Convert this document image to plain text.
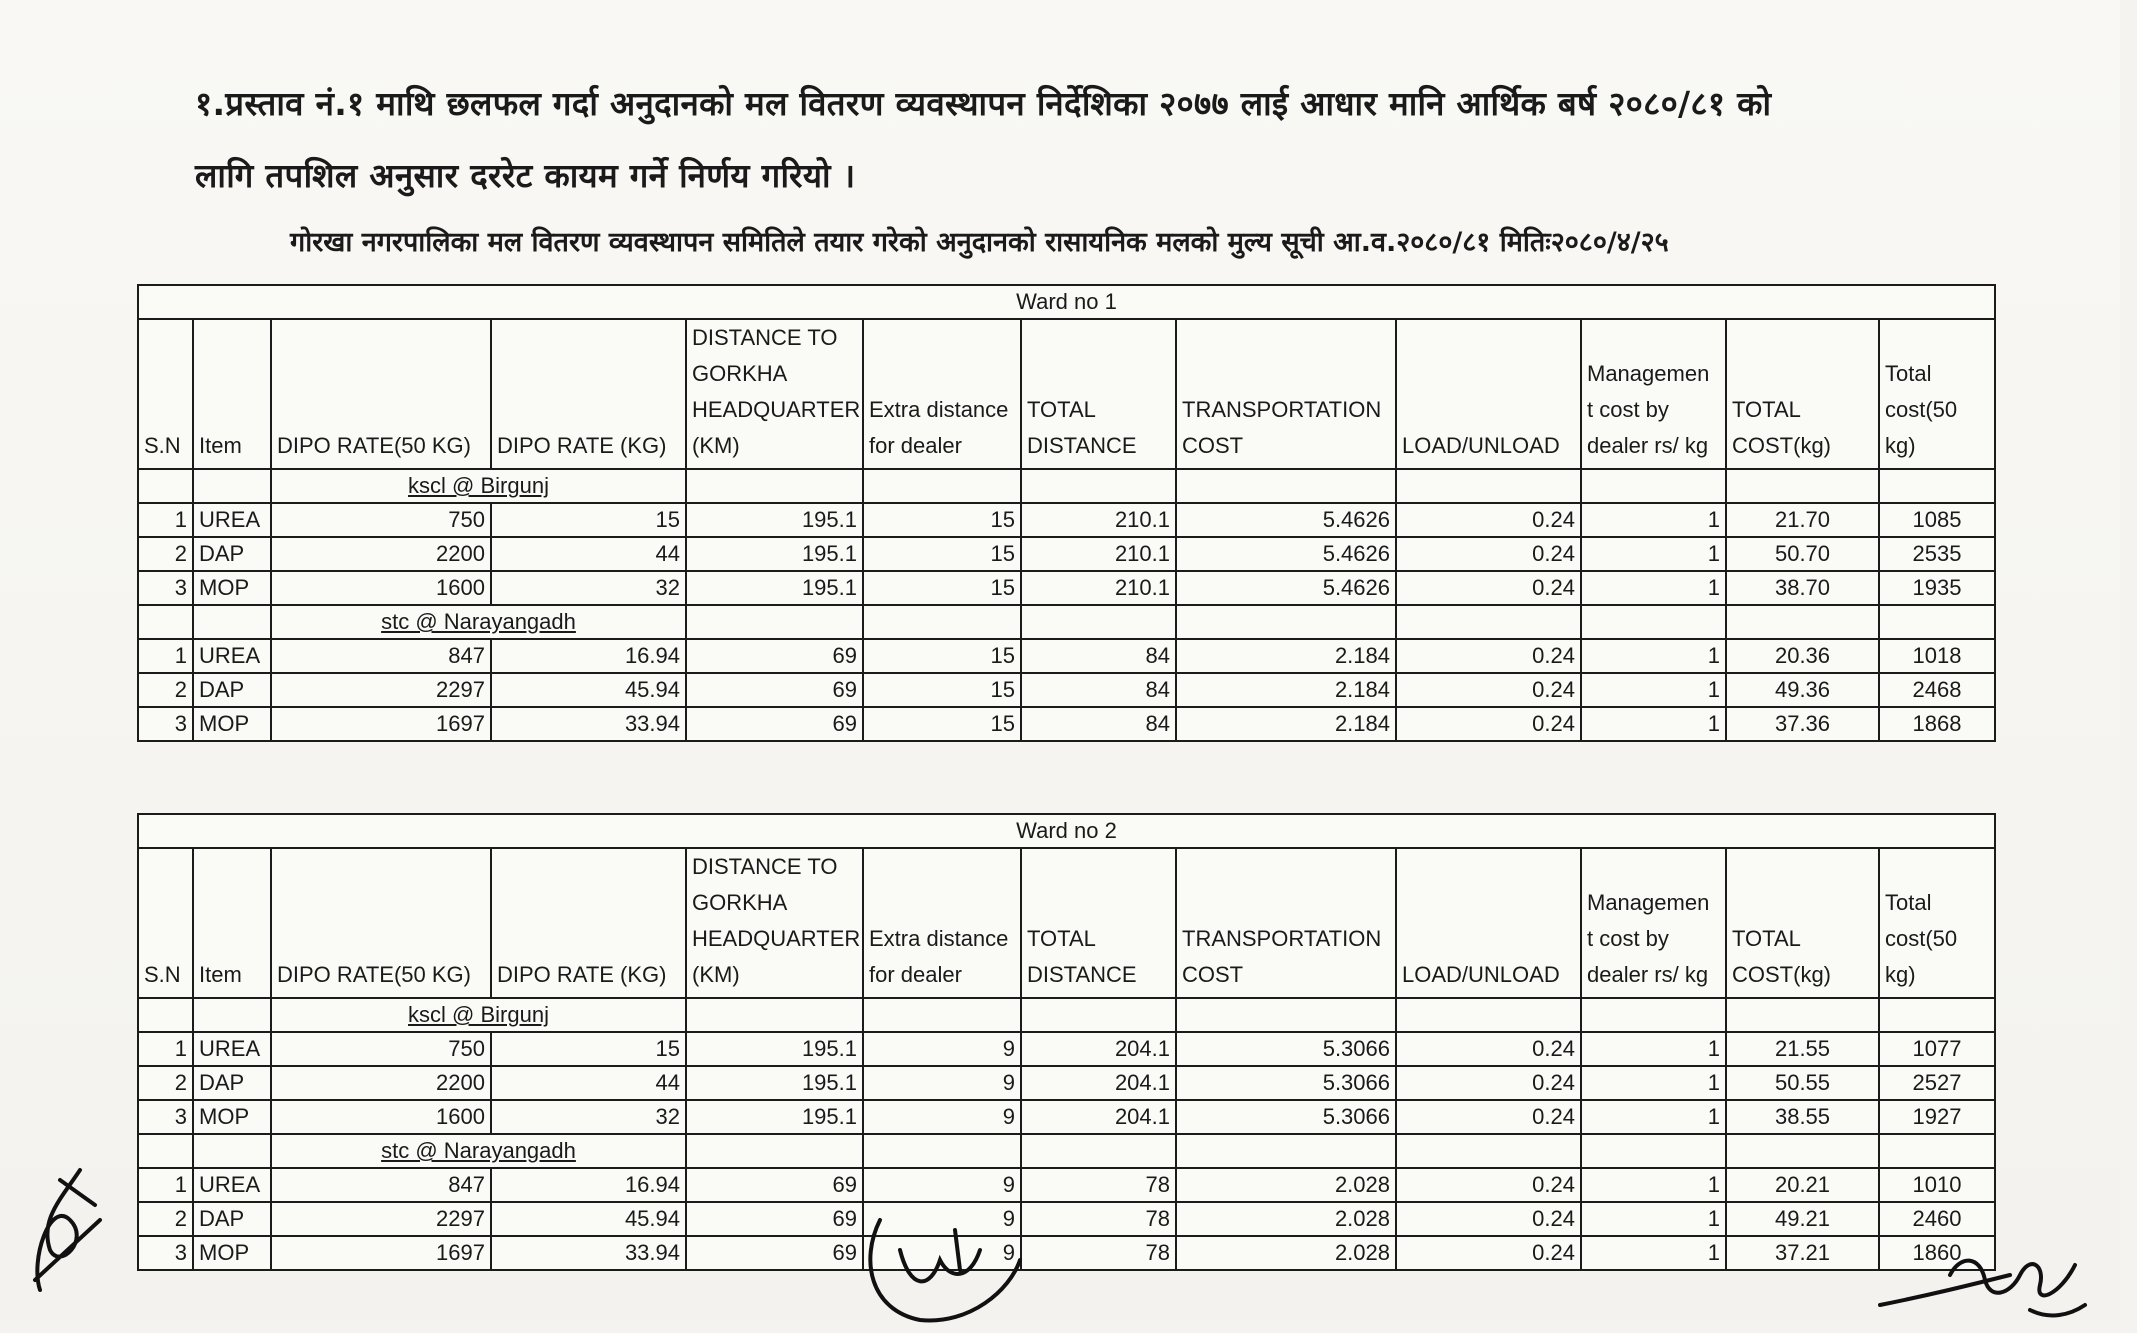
१.प्रस्ताव नं.१ माथि छलफल गर्दा अनुदानको मल वितरण व्यवस्थापन निर्देशिका २०७७ लाई आधार मानि आर्थिक बर्ष २०८०/८१ को
लागि तपशिल अनुसार दररेट कायम गर्ने निर्णय गरियो ।
गोरखा नगरपालिका मल वितरण व्यवस्थापन समितिले तयार गरेको अनुदानको रासायनिक मलको मुल्य सूची आ.व.२०८०/८१ मितिः२०८०/४/२५
Ward no 1											
S.N	Item	DIPO RATE(50 KG)	DIPO RATE (KG)	DISTANCE TO GORKHA HEADQUARTER (KM)	Extra distance for dealer	TOTAL DISTANCE	TRANSPORTATION COST	LOAD/UNLOAD	Managemen t cost by dealer rs/ kg	TOTAL COST(kg)	Total cost(50 kg)
		kscl @ Birgunj									
1	UREA	750	15	195.1	15	210.1	5.4626	0.24	1	21.70	1085
2	DAP	2200	44	195.1	15	210.1	5.4626	0.24	1	50.70	2535
3	MOP	1600	32	195.1	15	210.1	5.4626	0.24	1	38.70	1935
		stc @ Narayangadh									
1	UREA	847	16.94	69	15	84	2.184	0.24	1	20.36	1018
2	DAP	2297	45.94	69	15	84	2.184	0.24	1	49.36	2468
3	MOP	1697	33.94	69	15	84	2.184	0.24	1	37.36	1868
Ward no 2											
S.N	Item	DIPO RATE(50 KG)	DIPO RATE (KG)	DISTANCE TO GORKHA HEADQUARTER (KM)	Extra distance for dealer	TOTAL DISTANCE	TRANSPORTATION COST	LOAD/UNLOAD	Managemen t cost by dealer rs/ kg	TOTAL COST(kg)	Total cost(50 kg)
		kscl @ Birgunj									
1	UREA	750	15	195.1	9	204.1	5.3066	0.24	1	21.55	1077
2	DAP	2200	44	195.1	9	204.1	5.3066	0.24	1	50.55	2527
3	MOP	1600	32	195.1	9	204.1	5.3066	0.24	1	38.55	1927
		stc @ Narayangadh									
1	UREA	847	16.94	69	9	78	2.028	0.24	1	20.21	1010
2	DAP	2297	45.94	69	9	78	2.028	0.24	1	49.21	2460
3	MOP	1697	33.94	69	9	78	2.028	0.24	1	37.21	1860
